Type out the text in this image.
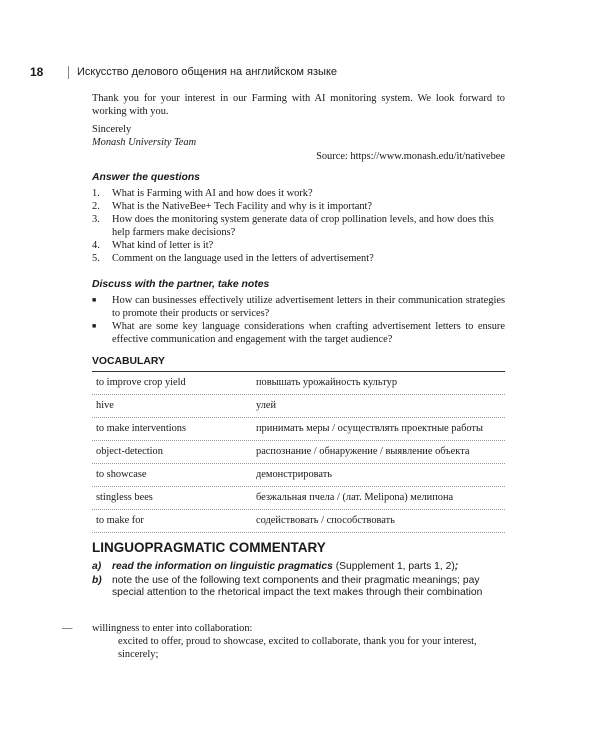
18	Искусство делового общения на английском языке

Thank you for your interest in our Farming with AI monitoring system. We look forward to working with you.

Sincerely
Monash University Team
Source: https://www.monash.edu/it/nativebee
Answer the questions
1.	What is Farming with AI and how does it work?
2.	What is the NativeBee+ Tech Facility and why is it important?
3.	How does the monitoring system generate data of crop pollination levels, and how does this help farmers make decisions?
4.	What kind of letter is it?
5.	Comment on the language used in the letters of advertisement?
Discuss with the partner, take notes
■	How can businesses effectively utilize advertisement letters in their communication strategies to promote their products or services?
■	What are some key language considerations when crafting advertisement letters to ensure effective communication and engagement with the target audience?
VOCABULARY
to improve crop yield	повышать урожайность культур
hive	улей
to make interventions	принимать меры / осуществлять проектные работы
object-detection	распознание / обнаружение / выявление объекта
to showcase	демонстрировать
stingless bees	безжальная пчела / (лат. Melipona) мелипона
to make for	содействовать / способствовать
LINGUOPRAGMATIC COMMENTARY
a)	read the information on linguistic pragmatics (Supplement 1, parts 1, 2);
b) note the use of the following text components and their pragmatic meanings; pay special attention to the rhetorical impact the text makes through their combination
— willingness to enter into collaboration:
excited to offer, proud to showcase, excited to collaborate, thank you for your interest, sincerely;
